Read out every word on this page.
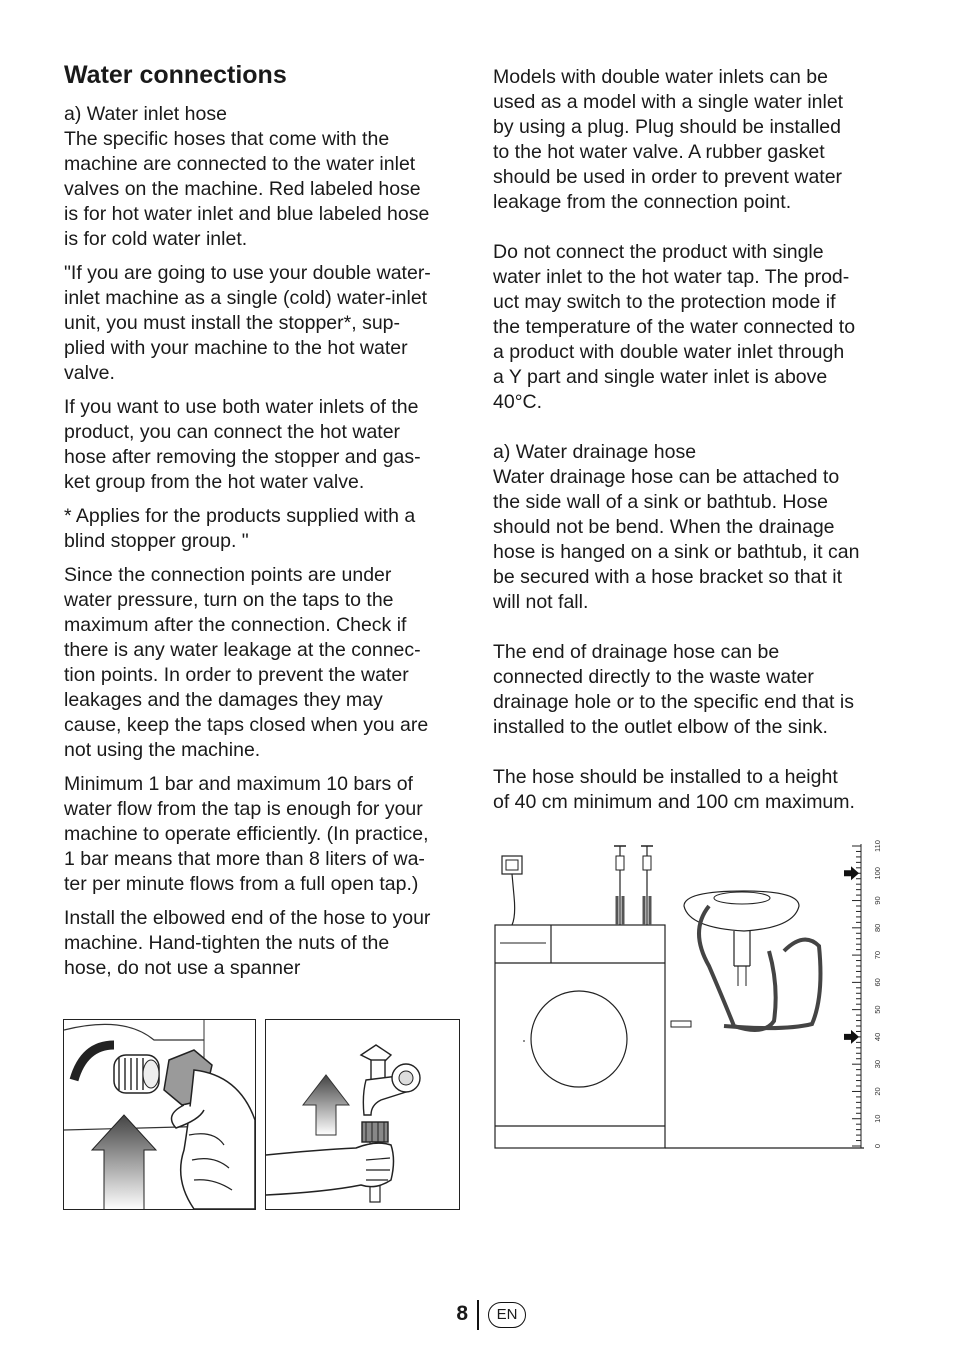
Water connections

a) Water inlet hose
The specific hoses that come with the
machine are connected to the water inlet
valves on the machine. Red labeled hose
is for hot water inlet and blue labeled hose
is for cold water inlet.

"If you are going to use your double water-
inlet machine as a single (cold) water-inlet
unit, you must install the stopper*, sup-
plied with your machine to the hot water
valve.

If you want to use both water inlets of the
product, you can connect the hot water
hose after removing the stopper and gas-
ket group from the hot water valve.

* Applies for the products supplied with a
blind stopper group. "

Since the connection points are under
water pressure, turn on the taps to the
maximum after the connection. Check if
there is any water leakage at the connec-
tion points. In order to prevent the water
leakages and the damages they may
cause, keep the taps closed when you are
not using the machine.

Minimum 1 bar and maximum 10 bars of
water flow from the tap is enough for your
machine to operate efficiently. (In practice,
1 bar means that more than 8 liters of wa-
ter per minute flows from a full open tap.)

Install the elbowed end of the hose to your
machine. Hand-tighten the nuts of the
hose, do not use a spanner

Models with double water inlets can be
used as a model with a single water inlet
by using a plug. Plug should be installed
to the hot water valve. A rubber gasket
should be used in order to prevent water
leakage from the connection point.

Do not connect the product with single
water inlet to the hot water tap. The prod-
uct may switch to the protection mode if
the temperature of the water connected to
a product with double water inlet through
a Y part and single water inlet is above
40°C.

a) Water drainage hose
Water drainage hose can be attached to
the side wall of a sink or bathtub. Hose
should not be bend. When the drainage
hose is hanged on a sink or bathtub, it can
be secured with a hose bracket so that it
will not fall.

The end of drainage hose can be
connected directly to the waste water
drainage hole or to the specific end that is
installed to the outlet elbow of the sink.

The hose should be installed to a height
of 40 cm minimum and 100 cm maximum.

0
10
20
30
40
50
60
70
80
90
100
110
8	EN
